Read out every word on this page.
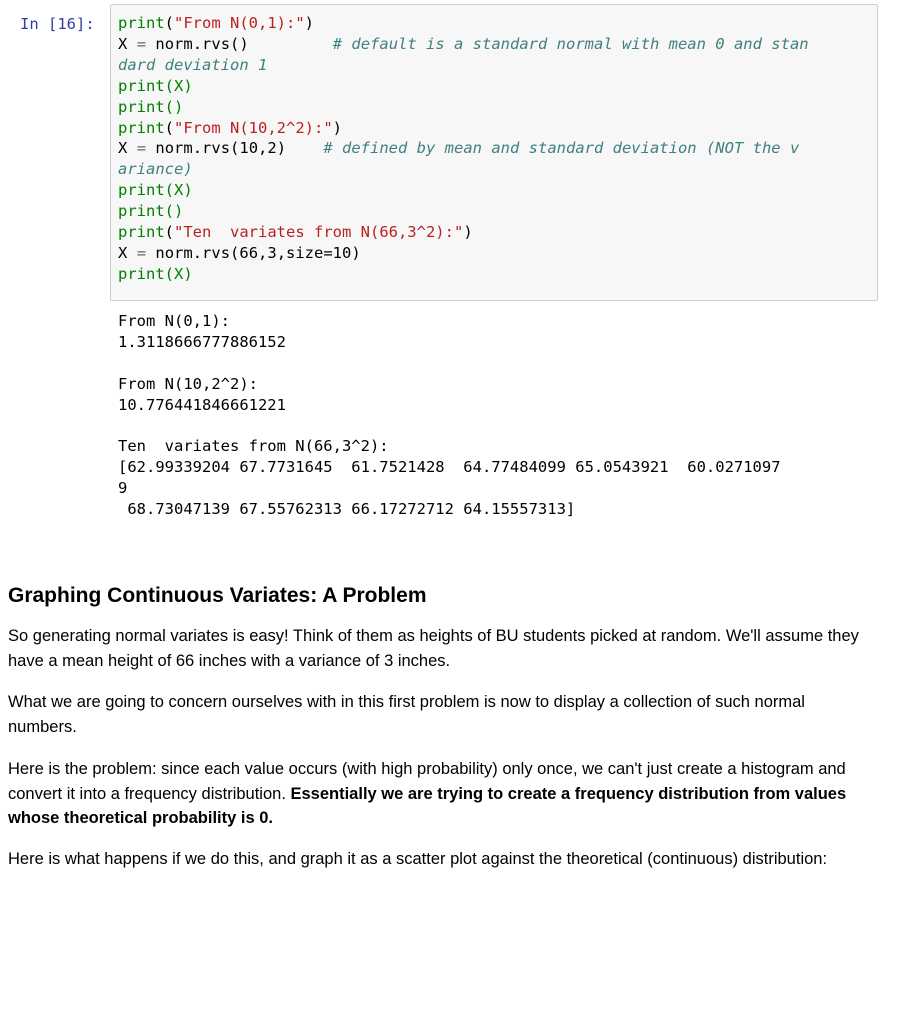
In [16]: print("From N(0,1):")
X = norm.rvs()	# default is a standard normal with mean 0 and stan
dard deviation 1
print(X)
print()
print("From N(10,2^2):")
X = norm.rvs(10,2) # defined by mean and standard deviation (NOT the v
ariance)
print(X)
print()
print("Ten  variates from N(66,3^2):")
X = norm.rvs(66,3,size=10)
print(X)
From N(0,1):
1.3118666777886152

From N(10,2^2):
10.776441846661221

Ten  variates from N(66,3^2):
[62.99339204 67.7731645  61.7521428  64.77484099 65.0543921  60.0271097
9
68.73047139 67.55762313 66.17272712 64.15557313]
Graphing Continuous Variates: A Problem

So generating normal variates is easy! Think of them as heights of BU students picked at random. We'll assume they have a mean height of 66 inches with a variance of 3 inches.

What we are going to concern ourselves with in this first problem is now to display a collection of such normal numbers.

Here is the problem: since each value occurs (with high probability) only once, we can't just create a histogram and convert it into a frequency distribution. Essentially we are trying to create a frequency distribution from values whose theoretical probability is 0.

Here is what happens if we do this, and graph it as a scatter plot against the theoretical (continuous) distribution:
